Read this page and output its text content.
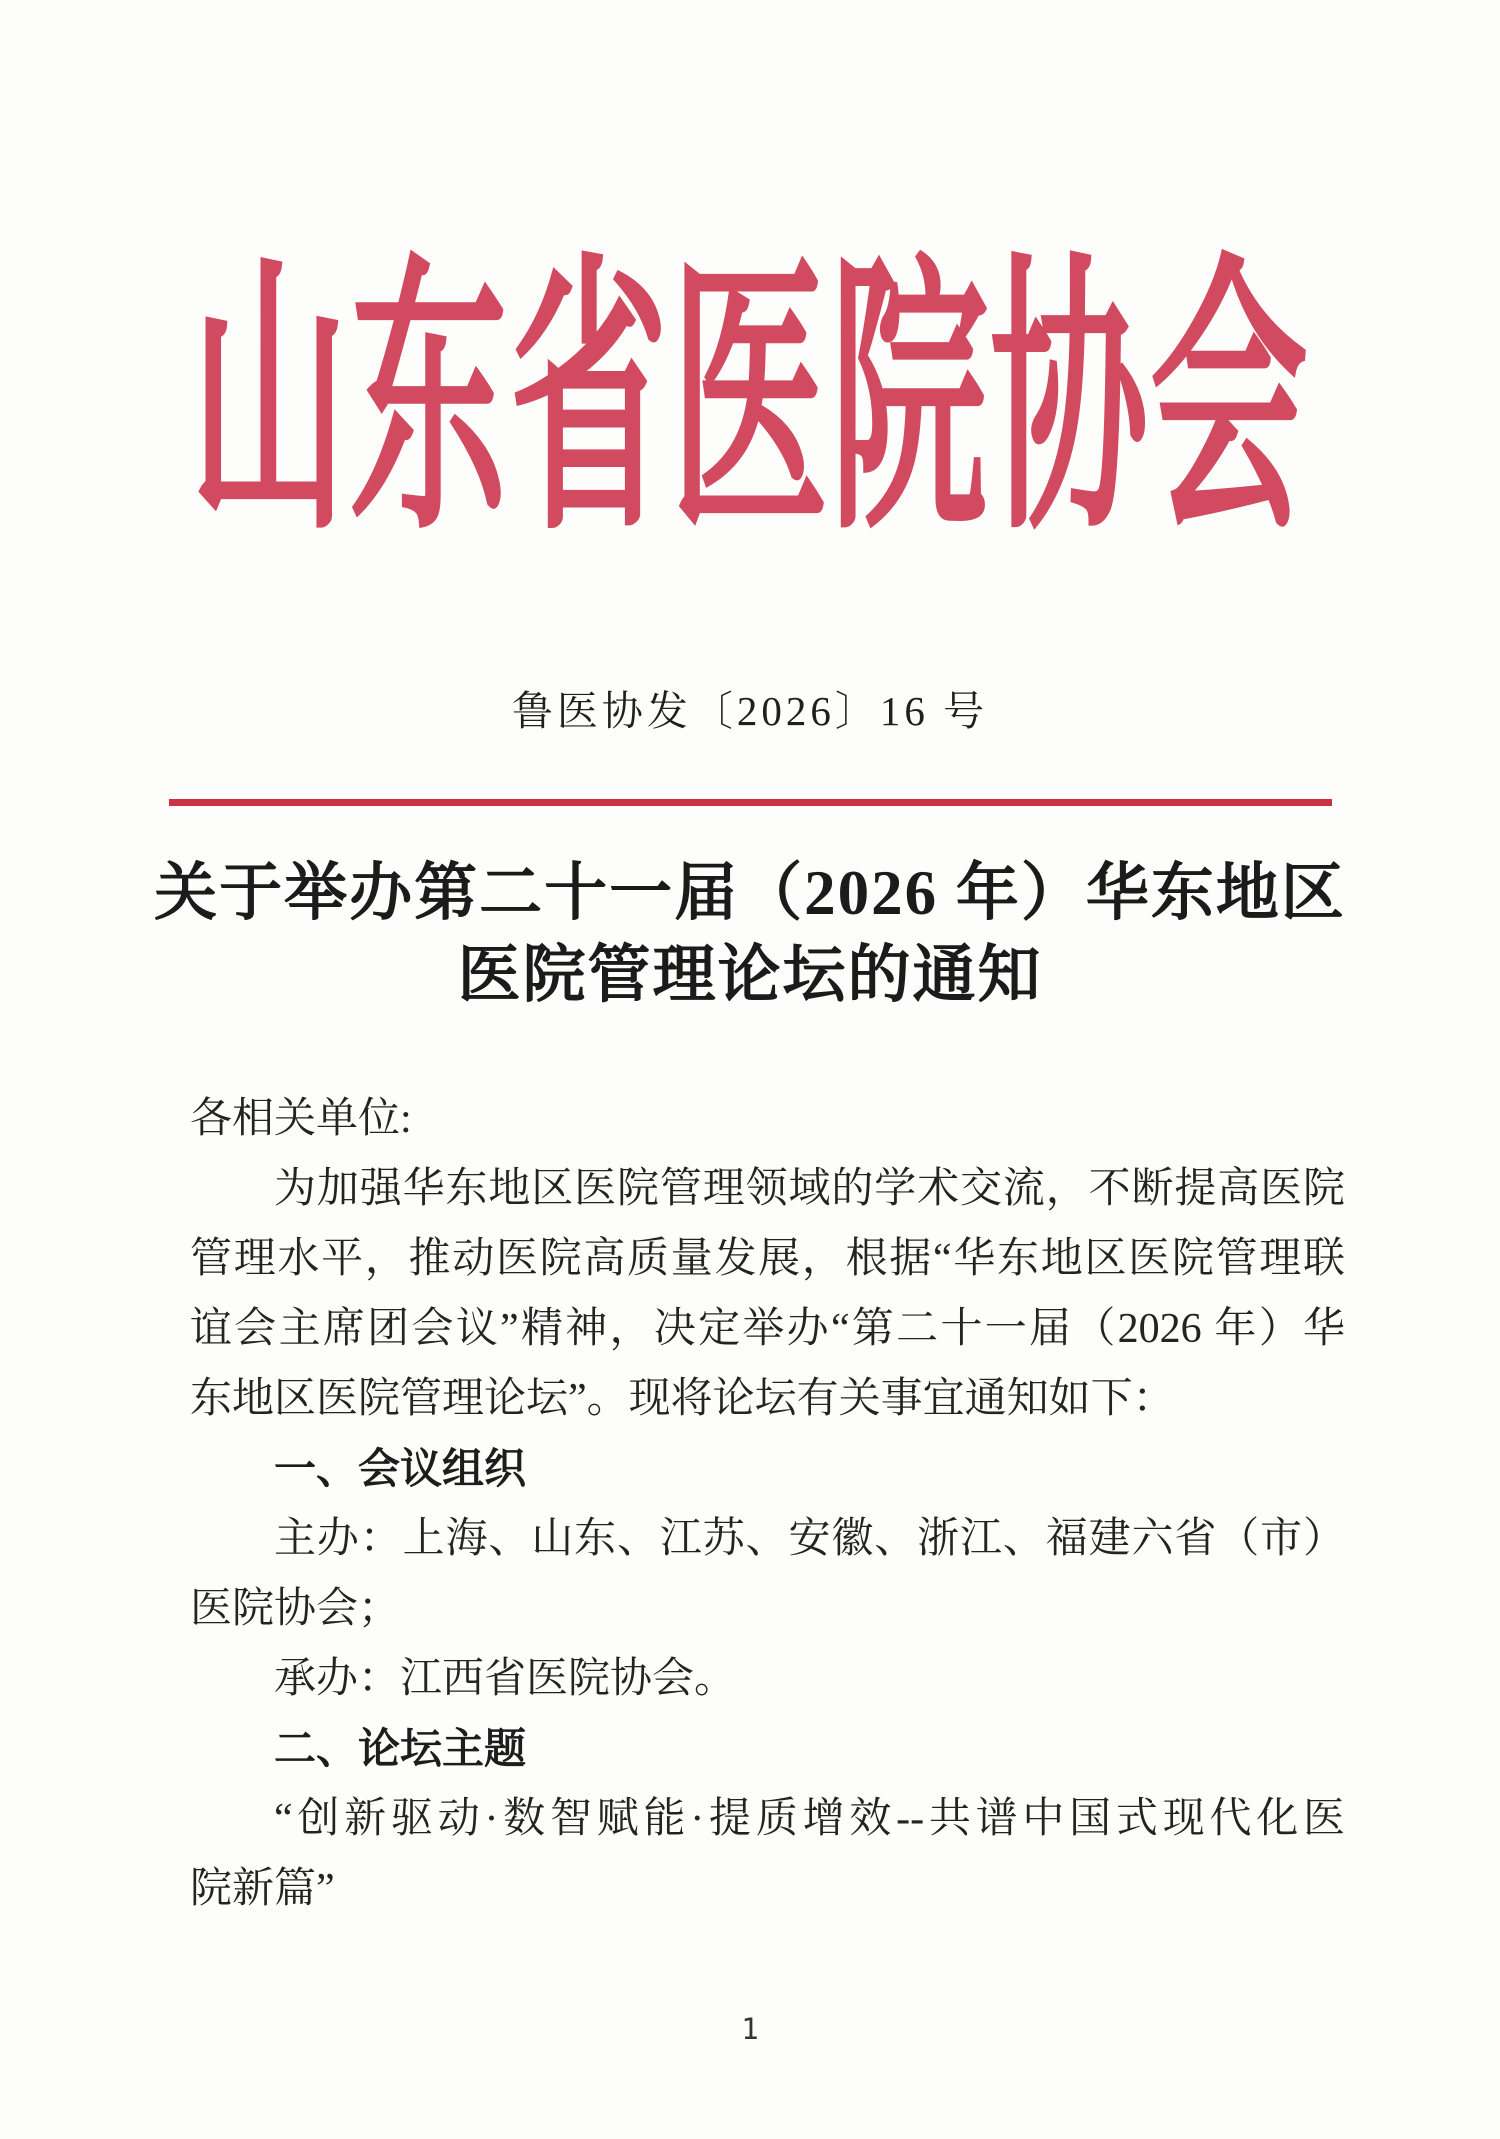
山东省医院协会
鲁医协发〔2026〕16 号
关于举办第二十一届（2026 年）华东地区
医院管理论坛的通知
各相关单位:
为加强华东地区医院管理领域的学术交流，不断提高医院
管理水平，推动医院高质量发展，根据“华东地区医院管理联
谊会主席团会议”精神，决定举办“第二十一届（2026 年）华
东地区医院管理论坛”。现将论坛有关事宜通知如下：
一、会议组织
主办：上海、山东、江苏、安徽、浙江、福建六省（市）
医院协会；
承办：江西省医院协会。
二、论坛主题
“创新驱动·数智赋能·提质增效--共谱中国式现代化医
院新篇”
1
